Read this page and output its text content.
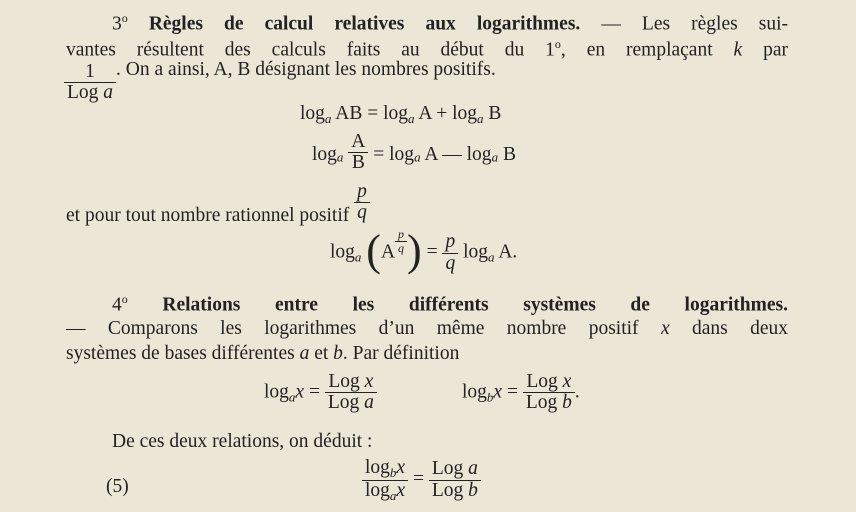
3$^o$ Règles de calcul relatives aux logarithmes. — Les règles sui-
vantes résultent des calculs faits au début du 1$^o$, en remplaçant k par
$\frac{1}{\text{Log a}}$ . On a ainsi, A, B désignant les nombres positifs.
$\log_a$ AB = $\log_a A + \log_a B$
$\log_a \frac{A}{B} = \log_a A$ — $\log_a B$
et pour tout nombre rationnel positif $\frac{p}{q}$
$\log_a (A \frac{p}{q}$ ) = $\frac{p}{q} \log_a A$.
4$^o$ Relations entre les différents systèmes de logarithmes.
— Comparons les logarithmes d’un même nombre positif x dans deux
systèmes de bases différentes a et b. Par définition
$\log_ax = \frac{\text{Log x}}{\text{Log a}}$	$\log_bx = \frac{\text{Log x}}{\text{Log b}}$ .
De ces deux relations, on déduit :
(5)	$\frac{\log_bx}{\log_ax} = \frac{\text{Log a}}{\text{Log b}}$
